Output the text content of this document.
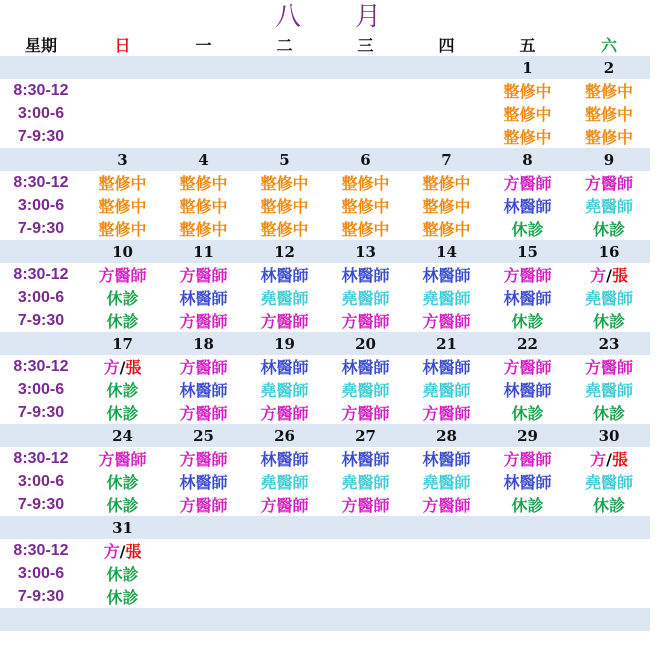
八 月
星期	日	一	二	三	四	五	六
						1	2
8:30-12						整修中	整修中
3:00-6						整修中	整修中
7-9:30						整修中	整修中
	3	4	5	6	7	8	9
8:30-12	整修中	整修中	整修中	整修中	整修中	方醫師	方醫師
3:00-6	整修中	整修中	整修中	整修中	整修中	林醫師	堯醫師
7-9:30	整修中	整修中	整修中	整修中	整修中	休診	休診
	10	11	12	13	14	15	16
8:30-12	方醫師	方醫師	林醫師	林醫師	林醫師	方醫師	方/張
3:00-6	休診	林醫師	堯醫師	堯醫師	堯醫師	林醫師	堯醫師
7-9:30	休診	方醫師	方醫師	方醫師	方醫師	休診	休診
	17	18	19	20	21	22	23
8:30-12	方/張	方醫師	林醫師	林醫師	林醫師	方醫師	方醫師
3:00-6	休診	林醫師	堯醫師	堯醫師	堯醫師	林醫師	堯醫師
7-9:30	休診	方醫師	方醫師	方醫師	方醫師	休診	休診
	24	25	26	27	28	29	30
8:30-12	方醫師	方醫師	林醫師	林醫師	林醫師	方醫師	方/張
3:00-6	休診	林醫師	堯醫師	堯醫師	堯醫師	林醫師	堯醫師
7-9:30	休診	方醫師	方醫師	方醫師	方醫師	休診	休診
	31						
8:30-12	方/張						
3:00-6	休診						
7-9:30	休診						
